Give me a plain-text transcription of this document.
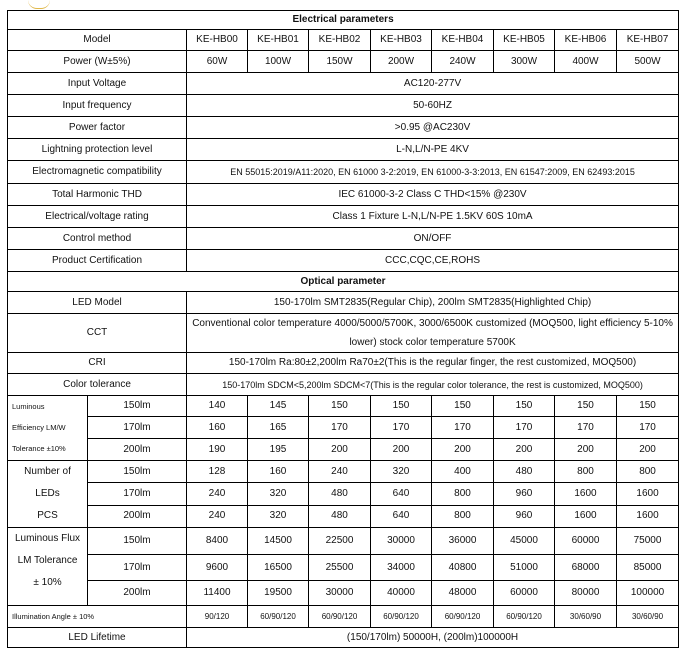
Electrical parameters									
Model		KE-HB00	KE-HB01	KE-HB02	KE-HB03	KE-HB04	KE-HB05	KE-HB06	KE-HB07
Power (W±5%)		60W	100W	150W	200W	240W	300W	400W	500W
Input Voltage		AC120-277V							
Input frequency		50-60HZ							
Power factor		>0.95 @AC230V							
Lightning protection level		L-N,L/N-PE 4KV							
Electromagnetic compatibility		EN 55015:2019/A11:2020, EN 61000 3-2:2019, EN 61000-3-3:2013, EN 61547:2009, EN 62493:2015							
Total Harmonic THD		IEC 61000-3-2 Class C THD<15% @230V							
Electrical/voltage rating		Class 1 Fixture L-N,L/N-PE 1.5KV 60S 10mA							
Control method		ON/OFF							
Product Certification		CCC,CQC,CE,ROHS							
Optical parameter									
LED Model		150-170lm SMT2835(Regular Chip), 200lm SMT2835(Highlighted Chip)							
CCT		Conventional color temperature 4000/5000/5700K, 3000/6500K customized (MOQ500, light efficiency 5-10% lower) stock color temperature 5700K							
CRI		150-170lm Ra:80±2,200lm Ra70±2(This is the regular finger, the rest customized, MOQ500)							
Color tolerance		150-170lm SDCM<5,200lm SDCM<7(This is the regular color tolerance, the rest is customized, MOQ500)							

Luminous
Efficiency LM/W
Tolerance ±10%	150lm	140	145	150	150	150	150	150	150
	170lm	160	165	170	170	170	170	170	170
	200lm	190	195	200	200	200	200	200	200

Number of
LEDs
PCS	150lm	128	160	240	320	400	480	800	800
	170lm	240	320	480	640	800	960	1600	1600
	200lm	240	320	480	640	800	960	1600	1600

Luminous Flux
LM Tolerance
± 10%	150lm	8400	14500	22500	30000	36000	45000	60000	75000
	170lm	9600	16500	25500	34000	40800	51000	68000	85000
	200lm	11400	19500	30000	40000	48000	60000	80000	100000
Illumination Angle ± 10%		90/120	60/90/120	60/90/120	60/90/120	60/90/120	60/90/120	30/60/90	30/60/90
LED Lifetime		(150/170lm) 50000H, (200lm)100000H							
